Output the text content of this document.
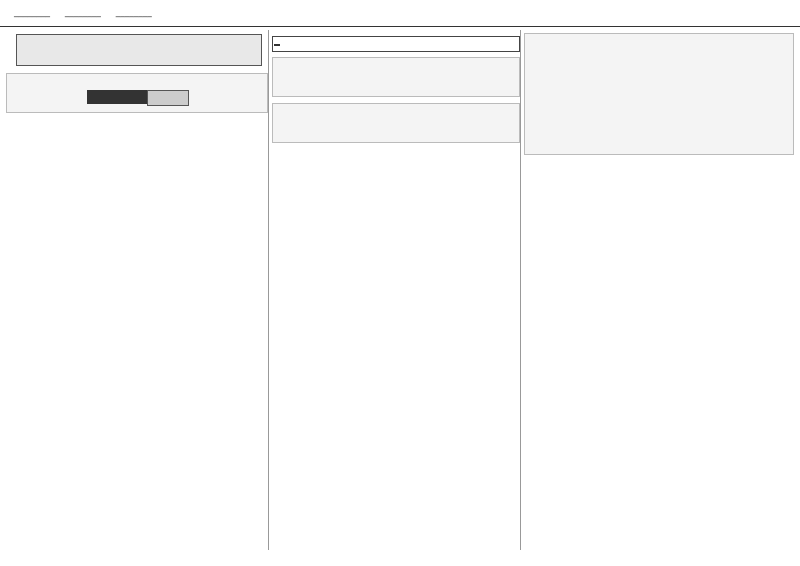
________ ________ ________
